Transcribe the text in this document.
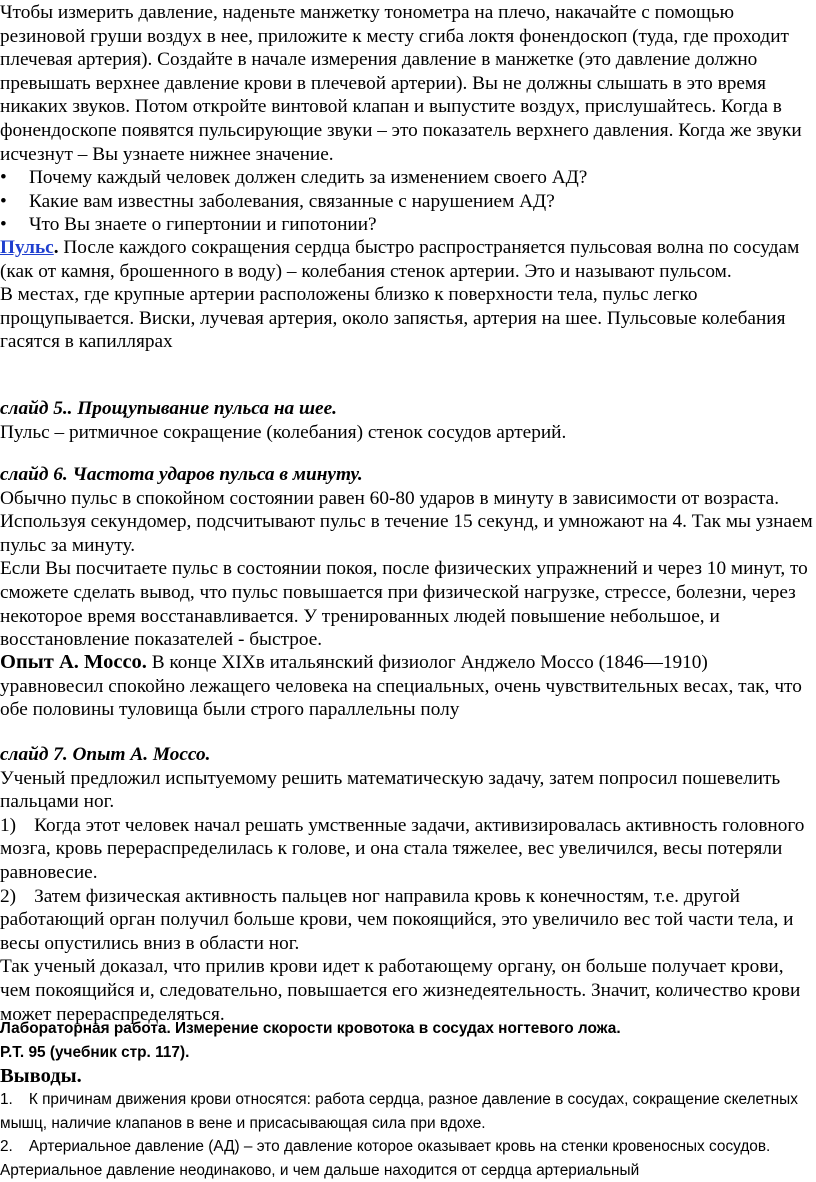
Чтобы измерить давление, наденьте манжетку тонометра на плечо, накачайте с помощью резиновой груши воздух в нее, приложите к месту сгиба локтя фонендоскоп (туда, где проходит плечевая артерия). Создайте в начале измерения давление в манжетке (это давление должно превышать верхнее давление крови в плечевой артерии). Вы не должны слышать в это время никаких звуков. Потом откройте винтовой клапан и выпустите воздух, прислушайтесь. Когда в фонендоскопе появятся пульсирующие звуки – это показатель верхнего давления. Когда же звуки исчезнут – Вы узнаете нижнее значение.

• Почему каждый человек должен следить за изменением своего АД?

• Какие вам известны заболевания, связанные с нарушением АД?

• Что Вы знаете о гипертонии и гипотонии?

Пульс. После каждого сокращения сердца быстро распространяется пульсовая волна по сосудам (как от камня, брошенного в воду) – колебания стенок артерии. Это и называют пульсом.

В местах, где крупные артерии расположены близко к поверхности тела, пульс легко прощупывается. Виски, лучевая артерия, около запястья, артерия на шее. Пульсовые колебания гасятся в капиллярах

слайд 5.. Прощупывание пульса на шее.

Пульс – ритмичное сокращение (колебания) стенок сосудов артерий.

слайд 6. Частота ударов пульса в минуту.

Обычно пульс в спокойном состоянии равен 60-80 ударов в минуту в зависимости от возраста. Используя секундомер, подсчитывают пульс в течение 15 секунд, и умножают на 4. Так мы узнаем пульс за минуту.

Если Вы посчитаете пульс в состоянии покоя, после физических упражнений и через 10 минут, то сможете сделать вывод, что пульс повышается при физической нагрузке, стрессе, болезни, через некоторое время восстанавливается. У тренированных людей повышение небольшое, и восстановление показателей - быстрое.

Опыт А. Моссо. В конце XIXв итальянский физиолог Анджело Моссо (1846—1910) уравновесил спокойно лежащего человека на специальных, очень чувствительных весах, так, что обе половины туловища были строго параллельны полу

слайд 7. Опыт А. Моссо.

Ученый предложил испытуемому решить математическую задачу, затем попросил пошевелить пальцами ног.

1) Когда этот человек начал решать умственные задачи, активизировалась активность головного мозга, кровь перераспределилась к голове, и она стала тяжелее, вес увеличился, весы потеряли равновесие.

2) Затем физическая активность пальцев ног направила кровь к конечностям, т.е. другой работающий орган получил больше крови, чем покоящийся, это увеличило вес той части тела, и весы опустились вниз в области ног.

Так ученый доказал, что прилив крови идет к работающему органу, он больше получает крови, чем покоящийся и, следовательно, повышается его жизнедеятельность. Значит, количество крови может перераспределяться.

Лабораторная работа. Измерение скорости кровотока в сосудах ногтевого ложа.

Р.Т. 95 (учебник стр. 117).

Выводы.

1. К причинам движения крови относятся: работа сердца, разное давление в сосудах, сокращение скелетных мышц, наличие клапанов в вене и присасывающая сила при вдохе.

2. Артериальное давление (АД) – это давление которое оказывает кровь на стенки кровеносных сосудов. Артериальное давление неодинаково, и чем дальше находится от сердца артериальный
